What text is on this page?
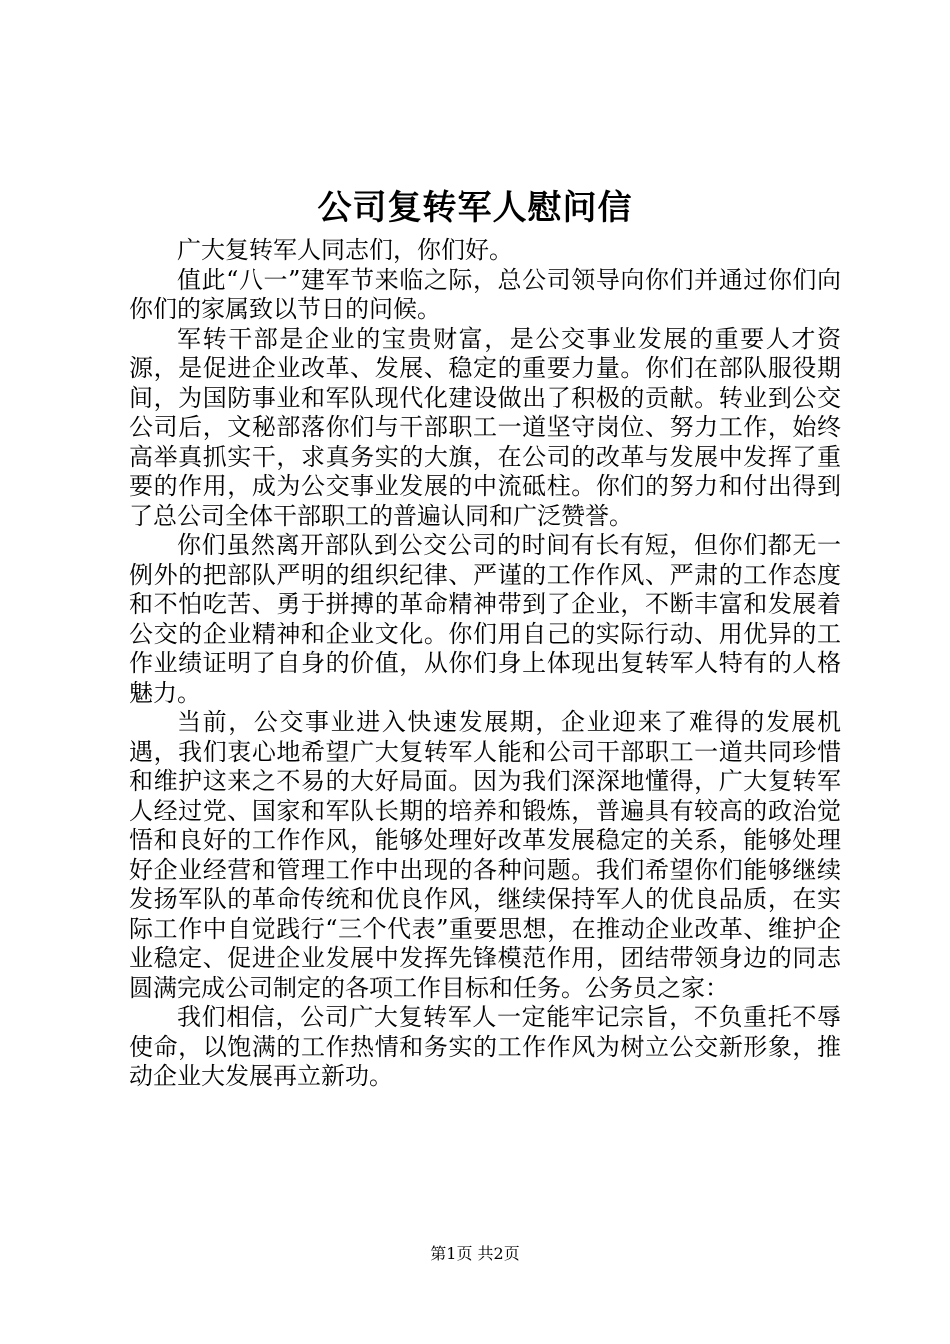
公司复转军人慰问信

广大复转军人同志们，你们好。

值此“八一”建军节来临之际，总公司领导向你们并通过你们向你们的家属致以节日的问候。

军转干部是企业的宝贵财富，是公交事业发展的重要人才资源，是促进企业改革、发展、稳定的重要力量。你们在部队服役期间，为国防事业和军队现代化建设做出了积极的贡献。转业到公交公司后，文秘部落你们与干部职工一道坚守岗位、努力工作，始终高举真抓实干，求真务实的大旗，在公司的改革与发展中发挥了重要的作用，成为公交事业发展的中流砥柱。你们的努力和付出得到了总公司全体干部职工的普遍认同和广泛赞誉。

你们虽然离开部队到公交公司的时间有长有短，但你们都无一例外的把部队严明的组织纪律、严谨的工作作风、严肃的工作态度和不怕吃苦、勇于拼搏的革命精神带到了企业，不断丰富和发展着公交的企业精神和企业文化。你们用自己的实际行动、用优异的工作业绩证明了自身的价值，从你们身上体现出复转军人特有的人格魅力。

当前，公交事业进入快速发展期，企业迎来了难得的发展机遇，我们衷心地希望广大复转军人能和公司干部职工一道共同珍惜和维护这来之不易的大好局面。因为我们深深地懂得，广大复转军人经过党、国家和军队长期的培养和锻炼，普遍具有较高的政治觉悟和良好的工作作风，能够处理好改革发展稳定的关系，能够处理好企业经营和管理工作中出现的各种问题。我们希望你们能够继续发扬军队的革命传统和优良作风，继续保持军人的优良品质，在实际工作中自觉践行“三个代表”重要思想，在推动企业改革、维护企业稳定、促进企业发展中发挥先锋模范作用，团结带领身边的同志圆满完成公司制定的各项工作目标和任务。公务员之家：

我们相信，公司广大复转军人一定能牢记宗旨，不负重托不辱使命，以饱满的工作热情和务实的工作作风为树立公交新形象，推动企业大发展再立新功。

第1页 共2页
